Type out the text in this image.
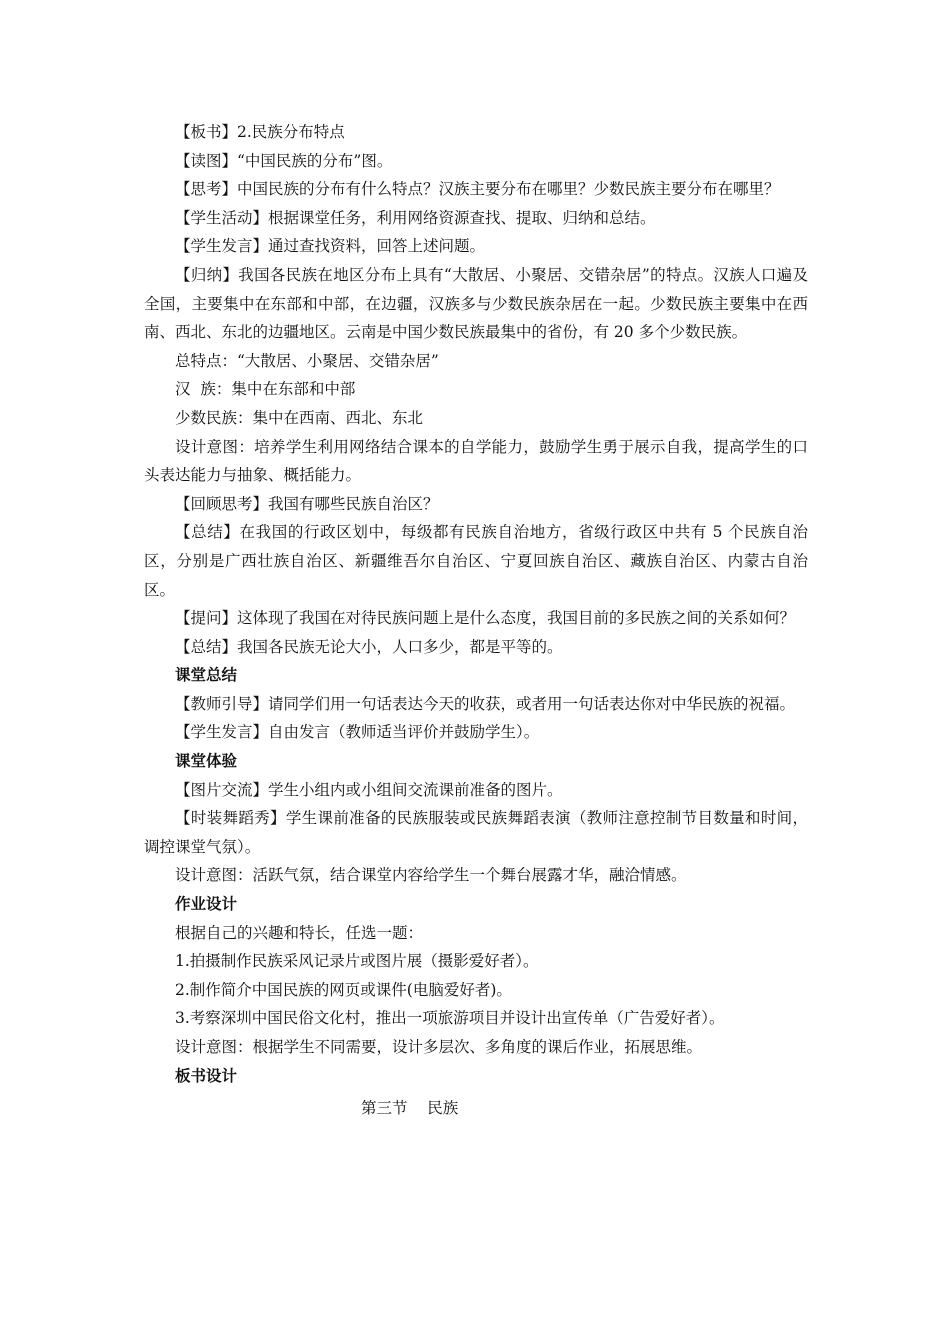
【板书】2.民族分布特点

【读图】“中国民族的分布”图。

【思考】中国民族的分布有什么特点？汉族主要分布在哪里？少数民族主要分布在哪里？

【学生活动】根据课堂任务，利用网络资源查找、提取、归纳和总结。

【学生发言】通过查找资料，回答上述问题。

【归纳】我国各民族在地区分布上具有“大散居、小聚居、交错杂居”的特点。汉族人口遍及全国，主要集中在东部和中部，在边疆，汉族多与少数民族杂居在一起。少数民族主要集中在西南、西北、东北的边疆地区。云南是中国少数民族最集中的省份，有 20 多个少数民族。

总特点：“大散居、小聚居、交错杂居”

汉  族：集中在东部和中部

少数民族：集中在西南、西北、东北

设计意图：培养学生利用网络结合课本的自学能力，鼓励学生勇于展示自我，提高学生的口头表达能力与抽象、概括能力。

【回顾思考】我国有哪些民族自治区？

【总结】在我国的行政区划中，每级都有民族自治地方，省级行政区中共有 5 个民族自治区，分别是广西壮族自治区、新疆维吾尔自治区、宁夏回族自治区、藏族自治区、内蒙古自治区。

【提问】这体现了我国在对待民族问题上是什么态度，我国目前的多民族之间的关系如何？

【总结】我国各民族无论大小，人口多少，都是平等的。

课堂总结

【教师引导】请同学们用一句话表达今天的收获，或者用一句话表达你对中华民族的祝福。

【学生发言】自由发言（教师适当评价并鼓励学生）。

课堂体验

【图片交流】学生小组内或小组间交流课前准备的图片。

【时装舞蹈秀】学生课前准备的民族服装或民族舞蹈表演（教师注意控制节目数量和时间，调控课堂气氛）。

设计意图：活跃气氛，结合课堂内容给学生一个舞台展露才华，融洽情感。

作业设计

根据自己的兴趣和特长，任选一题：

1.拍摄制作民族采风记录片或图片展（摄影爱好者）。

2.制作简介中国民族的网页或课件(电脑爱好者)。

3.考察深圳中国民俗文化村，推出一项旅游项目并设计出宣传单（广告爱好者）。

设计意图：根据学生不同需要，设计多层次、多角度的课后作业，拓展思维。

板书设计

第三节    民族
